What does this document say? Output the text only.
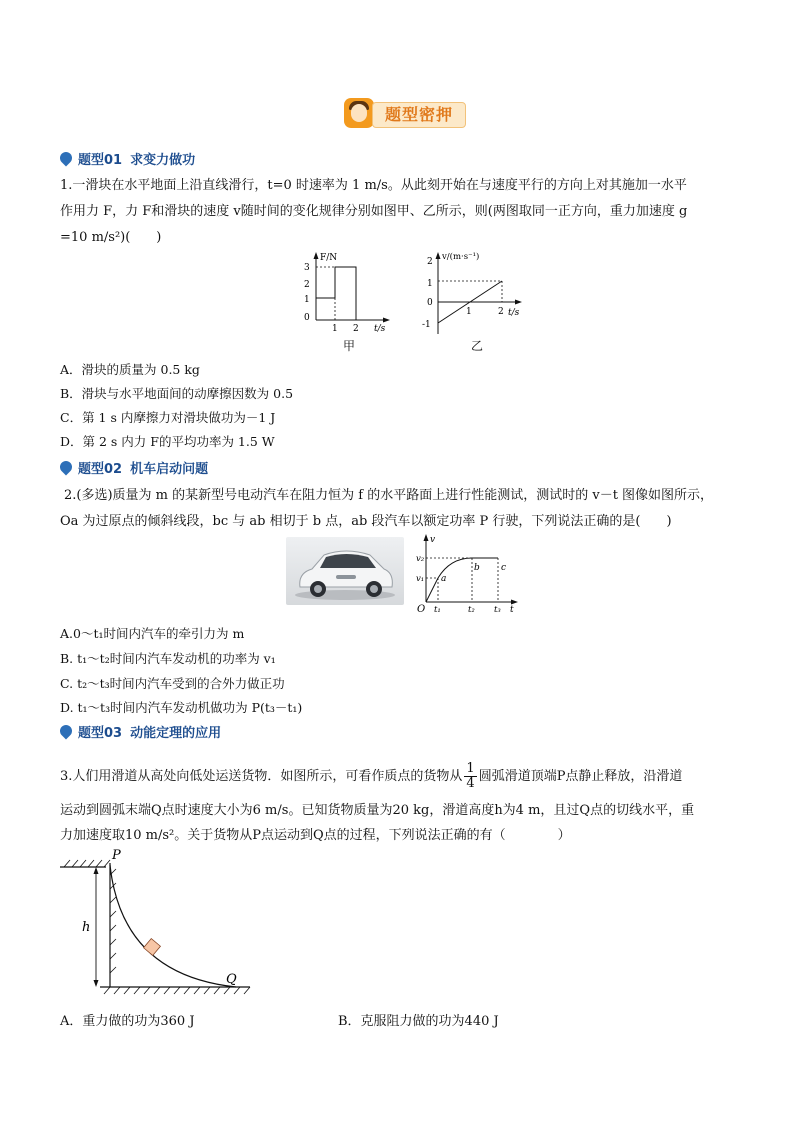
题型密押
题型01 求变力做功
1.一滑块在水平地面上沿直线滑行，t=0 时速率为 1 m/s。从此刻开始在与速度平行的方向上对其施加一水平
作用力 F，力 F和滑块的速度 v随时间的变化规律分别如图甲、乙所示，则(两图取同一正方向，重力加速度 g
=10 m/s²)(　　)
F/N
3
2
1
0
1 2 t/s
甲
v/(m·s⁻¹)
2
1
0
-1
1	2 t/s
乙
A．滑块的质量为 0.5 kg
B．滑块与水平地面间的动摩擦因数为 0.5
C．第 1 s 内摩擦力对滑块做功为－1 J
D．第 2 s 内力 F的平均功率为 1.5 W
题型02 机车启动问题
2.(多选)质量为 m 的某新型号电动汽车在阻力恒为 f 的水平路面上进行性能测试，测试时的 v－t 图像如图所示，
Oa 为过原点的倾斜线段，bc 与 ab 相切于 b 点，ab 段汽车以额定功率 P 行驶，下列说法正确的是(　　)
v
v₂
v₁ a
b c
O t₁	t₂ t₃ t
A.0～t₁时间内汽车的牵引力为 m
B. t₁～t₂时间内汽车发动机的功率为 v₁
C. t₂～t₃时间内汽车受到的合外力做正功
D. t₁～t₃时间内汽车发动机做功为 P(t₃－t₁)
题型03 动能定理的应用
3.人们用滑道从高处向低处运送货物．如图所示，可看作质点的货物从 $\frac{1}{4}$ 圆弧滑道顶端P点静止释放，沿滑道
运动到圆弧末端Q点时速度大小为6 m/s。已知货物质量为20 kg，滑道高度h为4 m，且过Q点的切线水平，重
力加速度取10 m/s²。关于货物从P点运动到Q点的过程，下列说法正确的有（　　　　）
h
P
Q
A．重力做的功为360 J	B．克服阻力做的功为440 J
